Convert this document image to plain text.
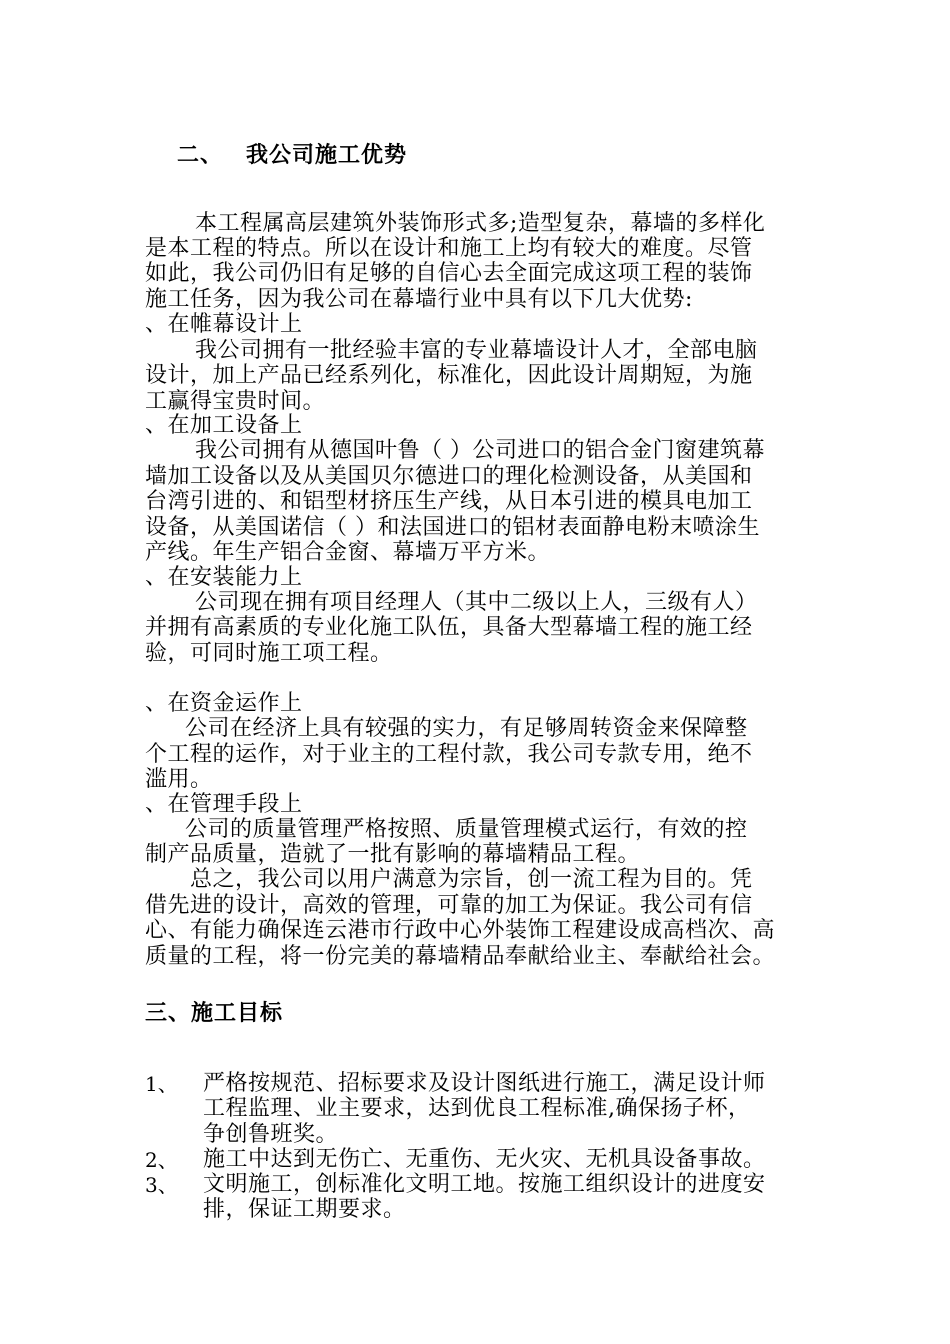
二、 我公司施工优势
本工程属高层建筑外装饰形式多;造型复杂，幕墙的多样化
是本工程的特点。所以在设计和施工上均有较大的难度。尽管
如此，我公司仍旧有足够的自信心去全面完成这项工程的装饰
施工任务，因为我公司在幕墙行业中具有以下几大优势:
、在帷幕设计上
我公司拥有一批经验丰富的专业幕墙设计人才，全部电脑
设计，加上产品已经系列化，标准化，因此设计周期短，为施
工赢得宝贵时间。
、在加工设备上
我公司拥有从德国叶鲁（ ）公司进口的铝合金门窗建筑幕
墙加工设备以及从美国贝尔德进口的理化检测设备，从美国和
台湾引进的、和铝型材挤压生产线，从日本引进的模具电加工
设备，从美国诺信（ ）和法国进口的铝材表面静电粉末喷涂生
产线。年生产铝合金窗、幕墙万平方米。
、在安装能力上
公司现在拥有项目经理人（其中二级以上人，三级有人）
并拥有高素质的专业化施工队伍，具备大型幕墙工程的施工经
验，可同时施工项工程。
、在资金运作上
公司在经济上具有较强的实力，有足够周转资金来保障整
个工程的运作，对于业主的工程付款，我公司专款专用，绝不
滥用。
、在管理手段上
公司的质量管理严格按照、质量管理模式运行，有效的控
制产品质量，造就了一批有影响的幕墙精品工程。
总之，我公司以用户满意为宗旨，创一流工程为目的。凭
借先进的设计，高效的管理，可靠的加工为保证。我公司有信
心、有能力确保连云港市行政中心外装饰工程建设成高档次、高
质量的工程，将一份完美的幕墙精品奉献给业主、奉献给社会。
三、施工目标
1、 严格按规范、招标要求及设计图纸进行施工，满足设计师
工程监理、业主要求，达到优良工程标准,确保扬子杯，
争创鲁班奖。
2、 施工中达到无伤亡、无重伤、无火灾、无机具设备事故。
3、 文明施工，创标准化文明工地。按施工组织设计的进度安
排，保证工期要求。
